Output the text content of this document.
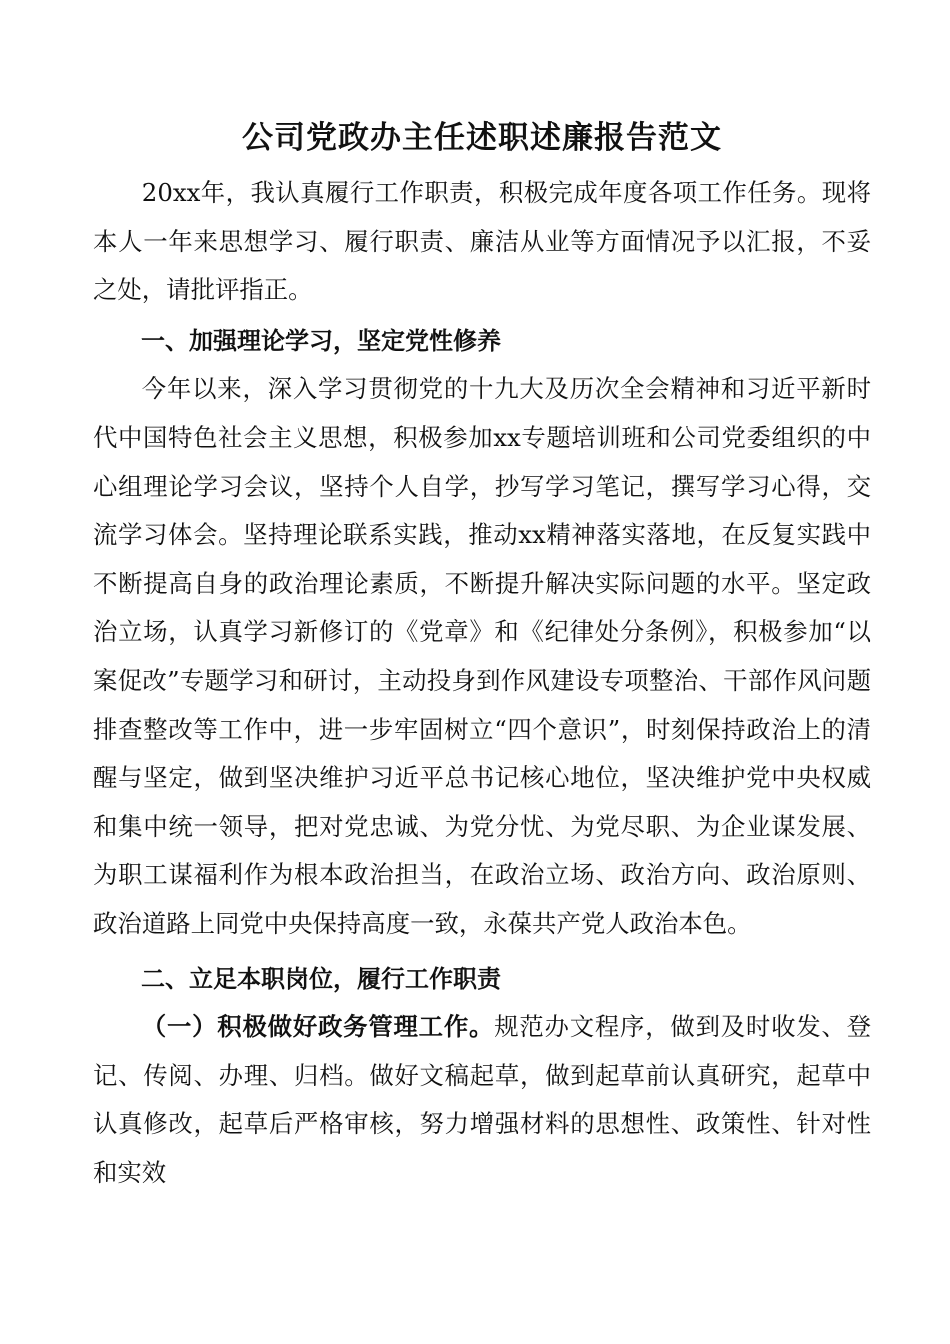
公司党政办主任述职述廉报告范文

20xx年，我认真履行工作职责，积极完成年度各项工作任务。现将本人一年来思想学习、履行职责、廉洁从业等方面情况予以汇报，不妥之处，请批评指正。

一、加强理论学习，坚定党性修养

今年以来，深入学习贯彻党的十九大及历次全会精神和习近平新时代中国特色社会主义思想，积极参加xx专题培训班和公司党委组织的中心组理论学习会议，坚持个人自学，抄写学习笔记，撰写学习心得，交流学习体会。坚持理论联系实践，推动xx精神落实落地，在反复实践中不断提高自身的政治理论素质，不断提升解决实际问题的水平。坚定政治立场，认真学习新修订的《党章》和《纪律处分条例》，积极参加“以案促改”专题学习和研讨，主动投身到作风建设专项整治、干部作风问题排查整改等工作中，进一步牢固树立“四个意识”，时刻保持政治上的清醒与坚定，做到坚决维护习近平总书记核心地位，坚决维护党中央权威和集中统一领导，把对党忠诚、为党分忧、为党尽职、为企业谋发展、为职工谋福利作为根本政治担当，在政治立场、政治方向、政治原则、政治道路上同党中央保持高度一致，永葆共产党人政治本色。

二、立足本职岗位，履行工作职责

（一）积极做好政务管理工作。规范办文程序，做到及时收发、登记、传阅、办理、归档。做好文稿起草，做到起草前认真研究，起草中认真修改，起草后严格审核，努力增强材料的思想性、政策性、针对性和实效
